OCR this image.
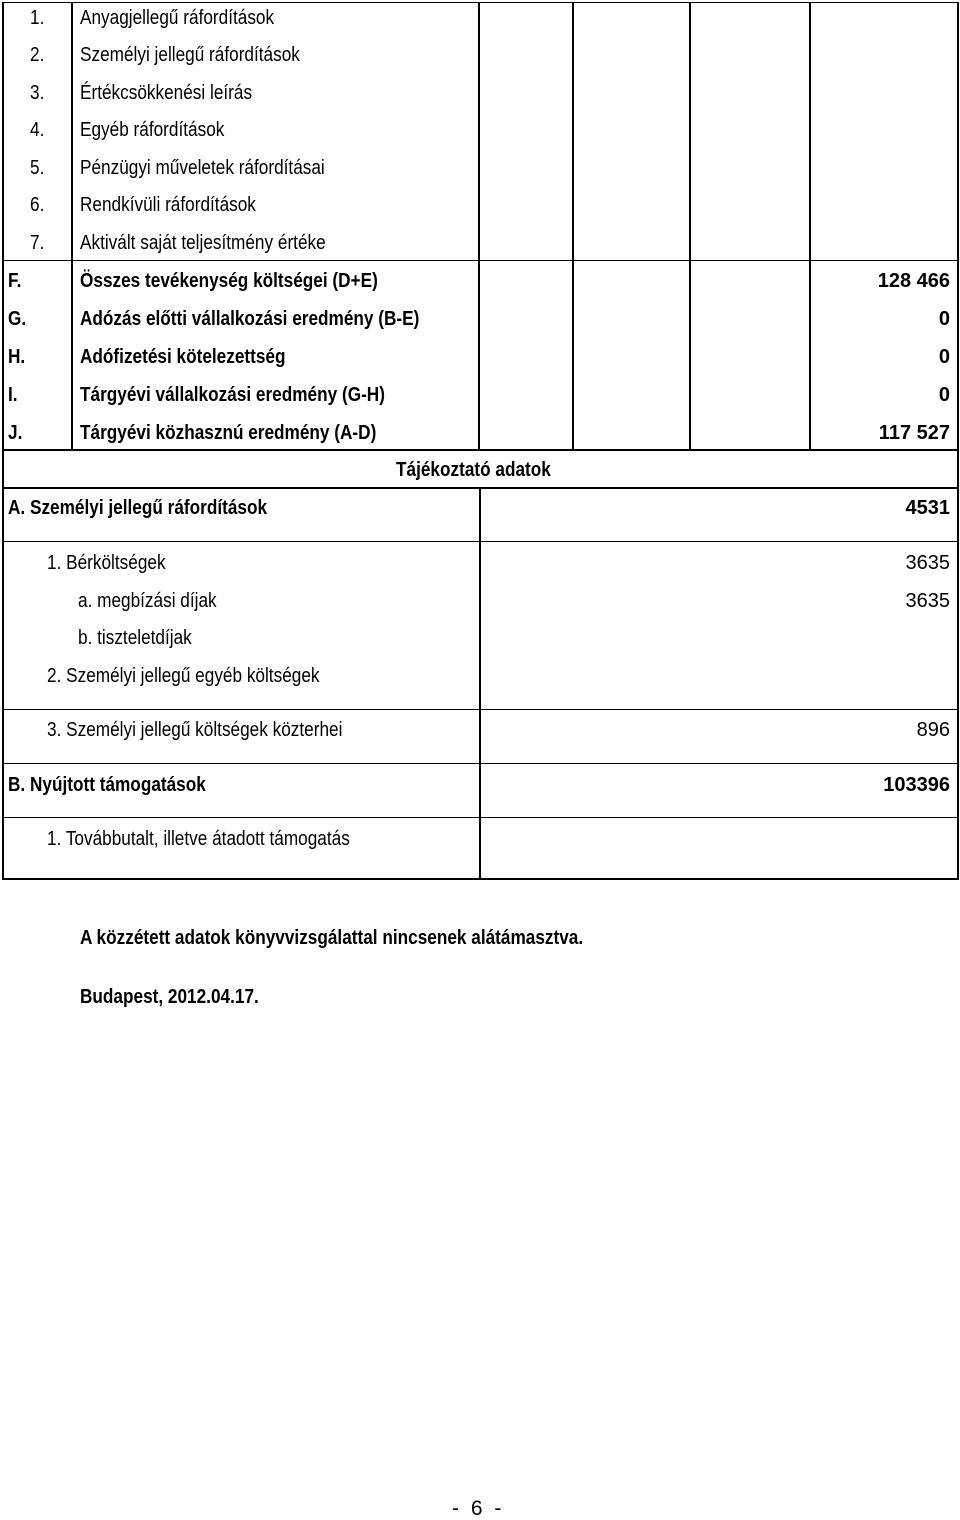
1. Anyagjellegű ráfordítások
2. Személyi jellegű ráfordítások
3. Értékcsökkenési leírás
4. Egyéb ráfordítások
5. Pénzügyi műveletek ráfordításai
6. Rendkívüli ráfordítások
7. Aktivált saját teljesítmény értéke
F.	Összes tevékenység költségei (D+E)	128 466
G.	Adózás előtti vállalkozási eredmény (B-E)	0
H.	Adófizetési kötelezettség	0
I.	Tárgyévi vállalkozási eredmény (G-H)	0
J.	Tárgyévi közhasznú eredmény (A-D)	117 527
Tájékoztató adatok
A. Személyi jellegű ráfordítások	4531
1. Bérköltségek	3635
a. megbízási díjak	3635
b. tiszteletdíjak
2. Személyi jellegű egyéb költségek
3. Személyi jellegű költségek közterhei	896
B. Nyújtott támogatások	103396
1. Továbbutalt, illetve átadott támogatás
A közzétett adatok könyvvizsgálattal nincsenek alátámasztva.
Budapest, 2012.04.17.
- 6 -
